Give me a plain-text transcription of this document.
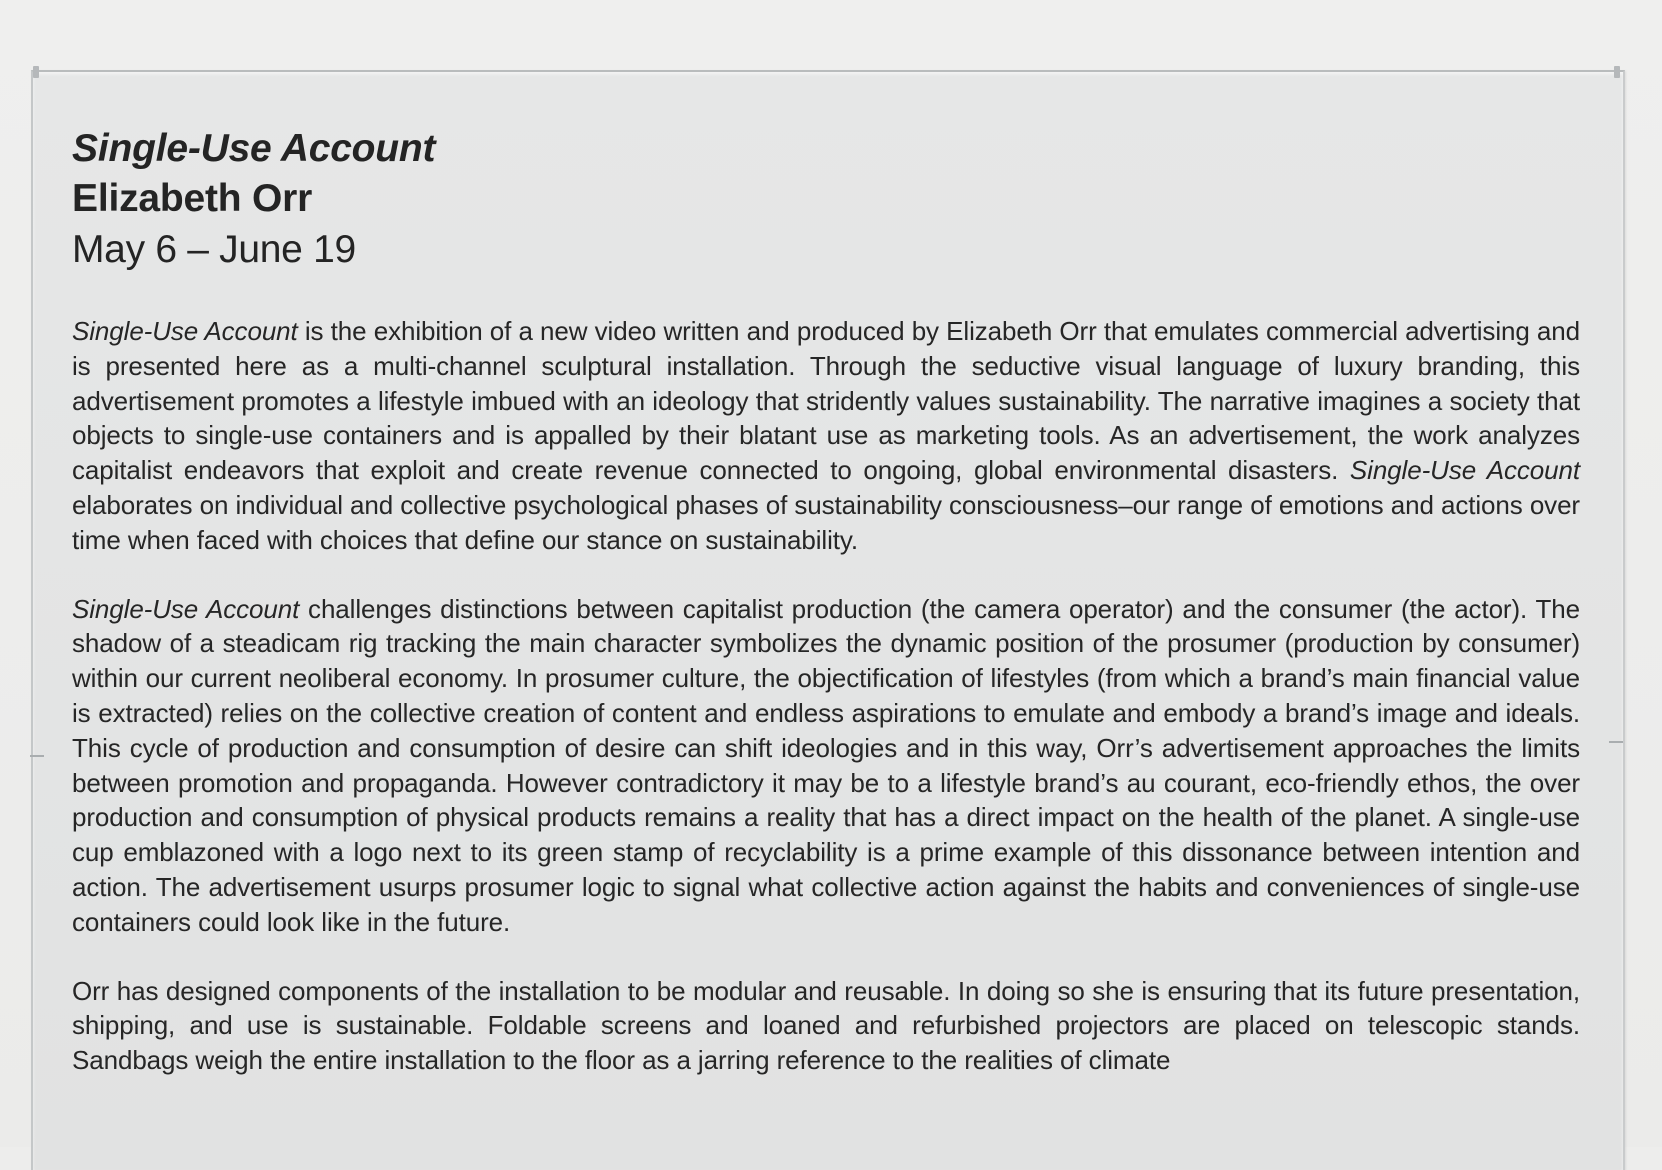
Single-Use Account
Elizabeth Orr
May 6 – June 19

Single-Use Account is the exhibition of a new video written and produced by Elizabeth Orr that emulates commercial advertising and is presented here as a multi-channel sculptural installation. Through the seductive visual language of luxury branding, this advertisement promotes a lifestyle imbued with an ideology that stridently values sustainability. The narrative imagines a society that objects to single-use containers and is appalled by their blatant use as marketing tools. As an advertisement, the work analyzes capitalist endeavors that exploit and create revenue connected to ongoing, global environmental disasters. Single-Use Account elaborates on individual and collective psychological phases of sustainability consciousness–our range of emotions and actions over time when faced with choices that define our stance on sustainability.

Single-Use Account challenges distinctions between capitalist production (the camera operator) and the consumer (the actor). The shadow of a steadicam rig tracking the main character symbolizes the dynamic position of the prosumer (production by consumer) within our current neoliberal economy. In prosumer culture, the objectification of lifestyles (from which a brand’s main financial value is extracted) relies on the collective creation of content and endless aspirations to emulate and embody a brand’s image and ideals. This cycle of production and consumption of desire can shift ideologies and in this way, Orr’s advertisement approaches the limits between promotion and propaganda. However contradictory it may be to a lifestyle brand’s au courant, eco-friendly ethos, the over production and consumption of physical products remains a reality that has a direct impact on the health of the planet. A single-use cup emblazoned with a logo next to its green stamp of recyclability is a prime example of this dissonance between intention and action. The advertisement usurps prosumer logic to signal what collective action against the habits and conveniences of single-use containers could look like in the future.

Orr has designed components of the installation to be modular and reusable. In doing so she is ensuring that its future presentation, shipping, and use is sustainable. Foldable screens and loaned and refurbished projectors are placed on telescopic stands. Sandbags weigh the entire installation to the floor as a jarring reference to the realities of climate
